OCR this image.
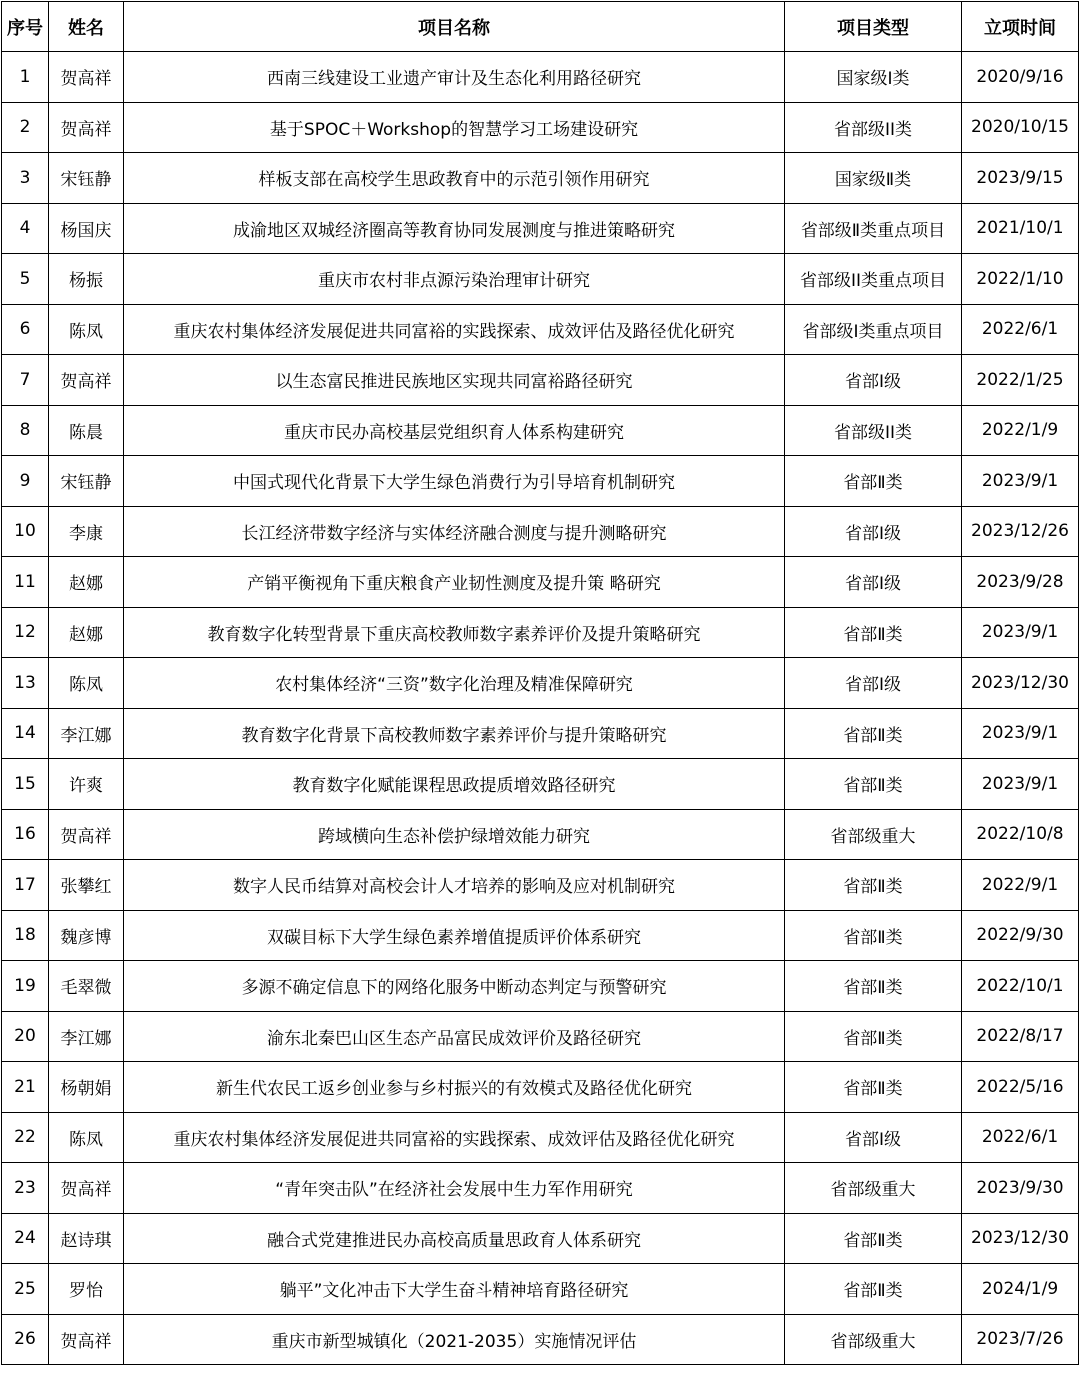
序号	姓名	项目名称	项目类型	立项时间
1	贺高祥	西南三线建设工业遗产审计及生态化利用路径研究	国家级I类	2020/9/16
2	贺高祥	基于SPOC＋Workshop的智慧学习工场建设研究	省部级II类	2020/10/15
3	宋钰静	样板支部在高校学生思政教育中的示范引领作用研究	国家级Ⅱ类	2023/9/15
4	杨国庆	成渝地区双城经济圈高等教育协同发展测度与推进策略研究	省部级Ⅱ类重点项目	2021/10/1
5	杨振	重庆市农村非点源污染治理审计研究	省部级II类重点项目	2022/1/10
6	陈凤	重庆农村集体经济发展促进共同富裕的实践探索、成效评估及路径优化研究	省部级I类重点项目	2022/6/1
7	贺高祥	以生态富民推进民族地区实现共同富裕路径研究	省部Ⅰ级	2022/1/25
8	陈晨	重庆市民办高校基层党组织育人体系构建研究	省部级II类	2022/1/9
9	宋钰静	中国式现代化背景下大学生绿色消费行为引导培育机制研究	省部Ⅱ类	2023/9/1
10	李康	长江经济带数字经济与实体经济融合测度与提升测略研究	省部Ⅰ级	2023/12/26
11	赵娜	产销平衡视角下重庆粮食产业韧性测度及提升策 略研究	省部Ⅰ级	2023/9/28
12	赵娜	教育数字化转型背景下重庆高校教师数字素养评价及提升策略研究	省部Ⅱ类	2023/9/1
13	陈凤	农村集体经济“三资”数字化治理及精准保障研究	省部Ⅰ级	2023/12/30
14	李江娜	教育数字化背景下高校教师数字素养评价与提升策略研究	省部Ⅱ类	2023/9/1
15	许爽	教育数字化赋能课程思政提质增效路径研究	省部Ⅱ类	2023/9/1
16	贺高祥	跨域横向生态补偿护绿增效能力研究	省部级重大	2022/10/8
17	张攀红	数字人民币结算对高校会计人才培养的影响及应对机制研究	省部Ⅱ类	2022/9/1
18	魏彦博	双碳目标下大学生绿色素养增值提质评价体系研究	省部Ⅱ类	2022/9/30
19	毛翠微	多源不确定信息下的网络化服务中断动态判定与预警研究	省部Ⅱ类	2022/10/1
20	李江娜	渝东北秦巴山区生态产品富民成效评价及路径研究	省部Ⅱ类	2022/8/17
21	杨朝娟	新生代农民工返乡创业参与乡村振兴的有效模式及路径优化研究	省部Ⅱ类	2022/5/16
22	陈凤	重庆农村集体经济发展促进共同富裕的实践探索、成效评估及路径优化研究	省部Ⅰ级	2022/6/1
23	贺高祥	“青年突击队”在经济社会发展中生力军作用研究	省部级重大	2023/9/30
24	赵诗琪	融合式党建推进民办高校高质量思政育人体系研究	省部Ⅱ类	2023/12/30
25	罗怡	躺平”文化冲击下大学生奋斗精神培育路径研究	省部Ⅱ类	2024/1/9
26	贺高祥	重庆市新型城镇化（2021-2035）实施情况评估	省部级重大	2023/7/26
